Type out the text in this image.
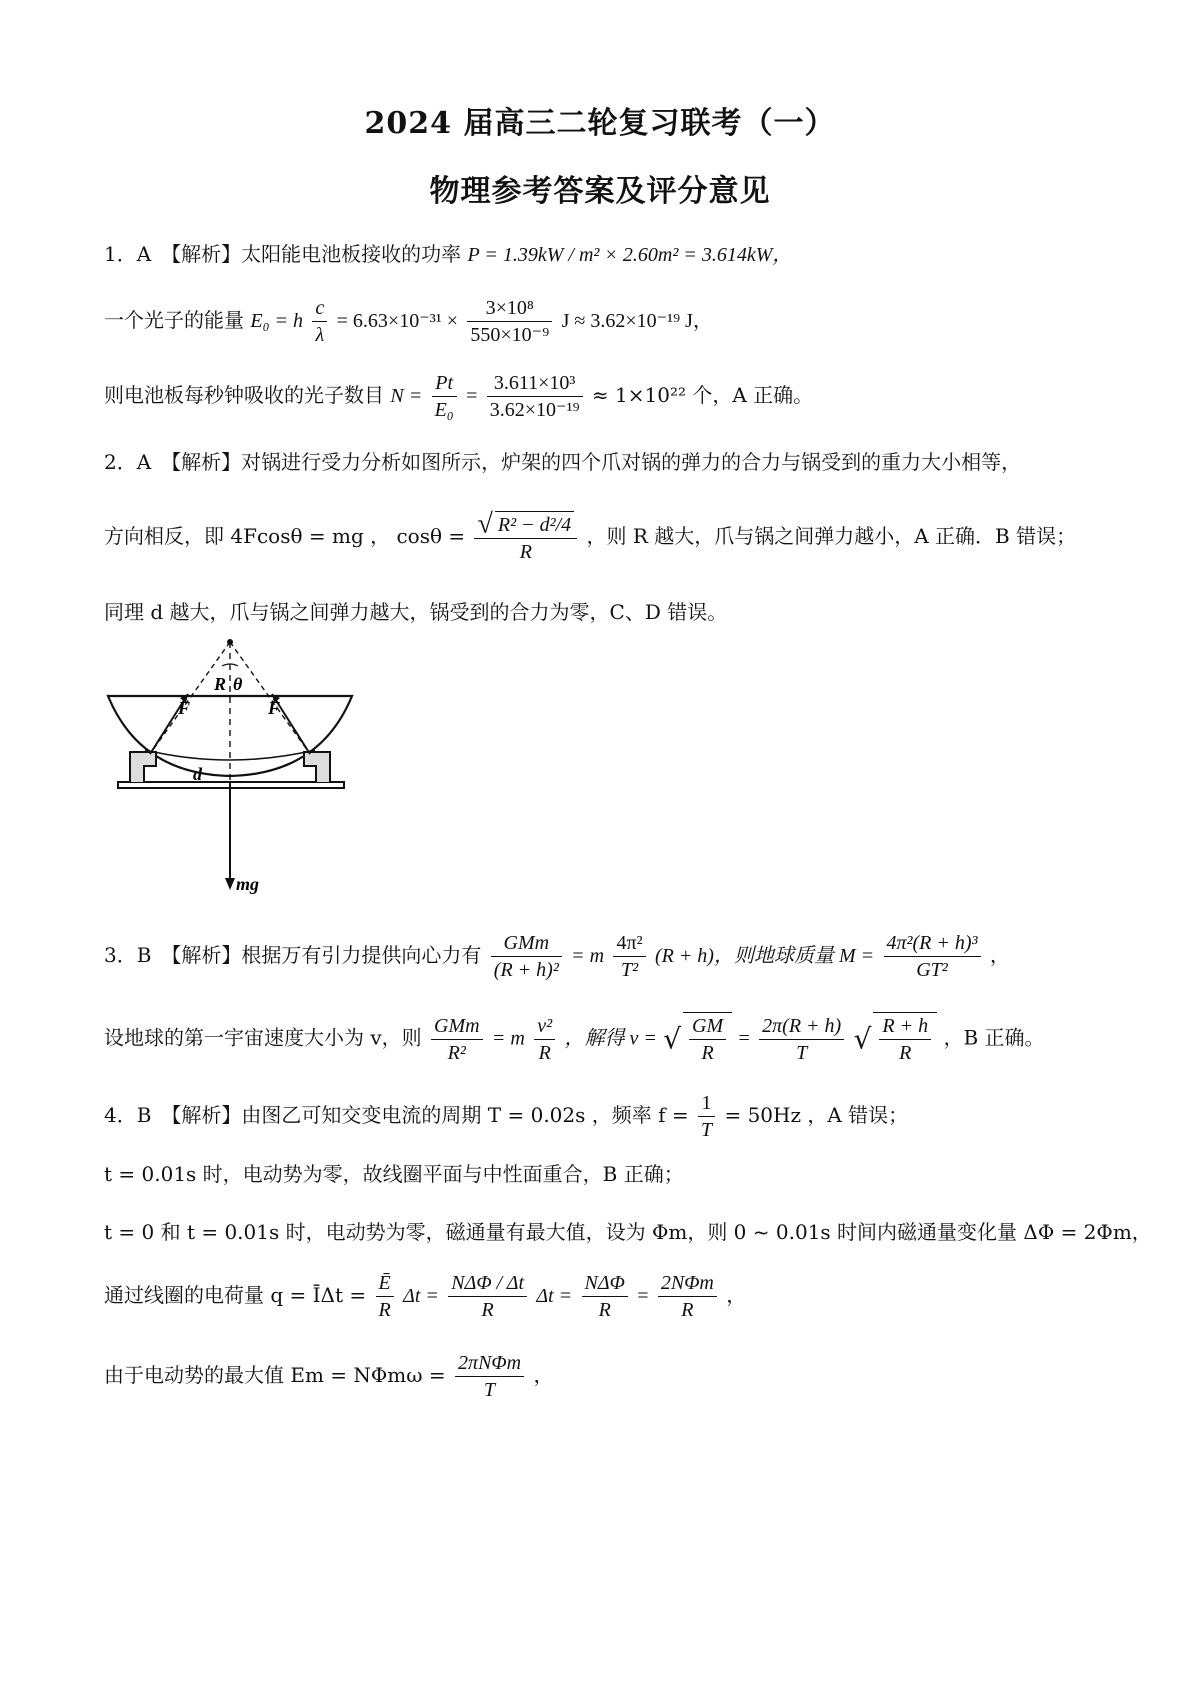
2024 届高三二轮复习联考（一）
物理参考答案及评分意见
1．A　【解析】太阳能电池板接收的功率 P = 1.39kW / m² × 2.60m² = 3.614kW，
一个光子的能量 E₀ = h $\frac{c}{\lambda} = 6.63\times 10^{-31} \times \frac{\text{3×10⁸}}{\text{550×10⁻⁹}}$ J ≈ 3.62×10⁻¹⁹ J，
则电池板每秒钟吸收的光子数目 $N = \frac{Pt}{\text{E₀}} = \frac{\text{3.611×10³}}{\text{3.62×10⁻¹⁹}} \approx 1\times 10^{22}$ 个，A 正确。
2．A　【解析】对锅进行受力分析如图所示，炉架的四个爪对锅的弹力的合力与锅受到的重力大小相等，
方向相反，即 4Fcosθ = mg ， $\cos\theta = \frac{\text{√ R² − d²/4}}{R}$ ，则 R 越大，爪与锅之间弹力越小，A 正确．B 错误；
同理 d 越大，爪与锅之间弹力越大，锅受到的合力为零，C、D 错误。
R θ
F	F
d
mg
3．B　【解析】根据万有引力提供向心力有 $\frac{\text{GMm}}{\text{(R + h)²}} = m \frac{\text{4π²}}{\text{T²}} (R + h)$，则地球质量 $M = \frac{\text{4π²(R + h)³}}{\text{GT²}}$ ，
设地球的第一宇宙速度大小为 v，则 $\frac{\text{GMm}}{\text{R²}} = m \frac{\text{v²}}{R}$ ，解得 v = √ $\frac{GM}{R} = \frac{2\pi(R + h)}{T}$ √ $\frac{R + h}{R}$ ，B 正确。
4．B　【解析】由图乙可知交变电流的周期 T = 0.02s ，频率 $f = \frac{1}{T} = 50Hz$ ，A 错误；
t = 0.01s 时，电动势为零，故线圈平面与中性面重合，B 正确；
t = 0 和 t = 0.01s 时，电动势为零，磁通量有最大值，设为 Φm，则 0 ~ 0.01s 时间内磁通量变化量 ΔΦ = 2Φm，
通过线圈的电荷量 q = ĪΔt = $\frac{Ē}{R}$ $\Delta t = \frac{\text{NΔΦ / Δt}}{R}$ $\Delta t = \frac{\text{NΔΦ}}{R} = \frac{\text{2NΦm}}{R}$ ，
由于电动势的最大值 $Em = N\Phi m\omega = \frac{\text{2πNΦm}}{T}$ ，
